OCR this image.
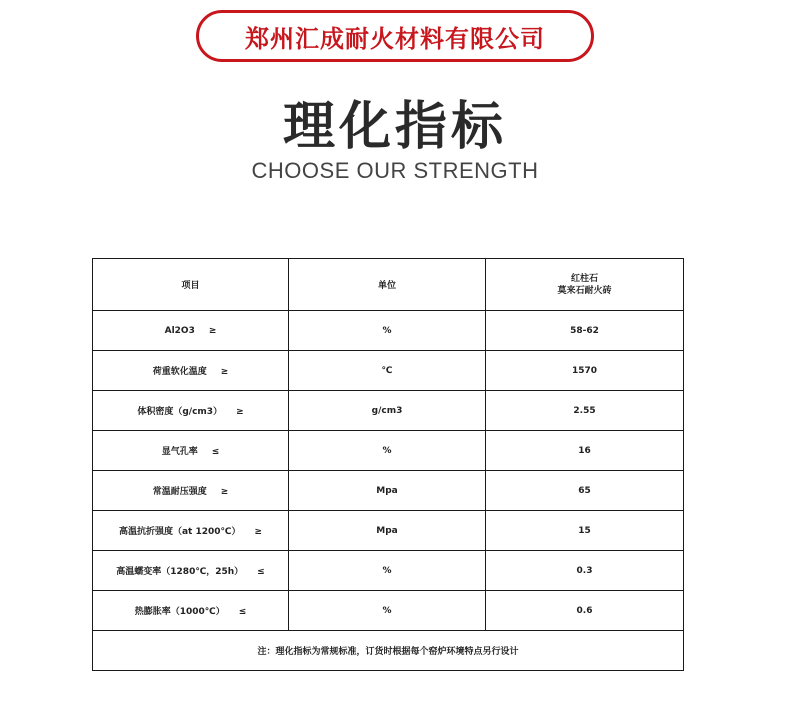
郑州汇成耐火材料有限公司
理化指标
CHOOSE OUR STRENGTH
项目	单位	红柱石
莫来石耐火砖

Al2O3 ≥	%	58-62
荷重软化温度 ≥	℃	1570
体积密度（g/cm3） ≥	g/cm3	2.55
显气孔率 ≤	%	16
常温耐压强度 ≥	Mpa	65
高温抗折强度（at 1200℃） ≥	Mpa	15
高温蠕变率（1280℃，25h） ≤	%	0.3
热膨胀率（1000℃） ≤	%	0.6
注：理化指标为常规标准，订货时根据每个窑炉环境特点另行设计		
